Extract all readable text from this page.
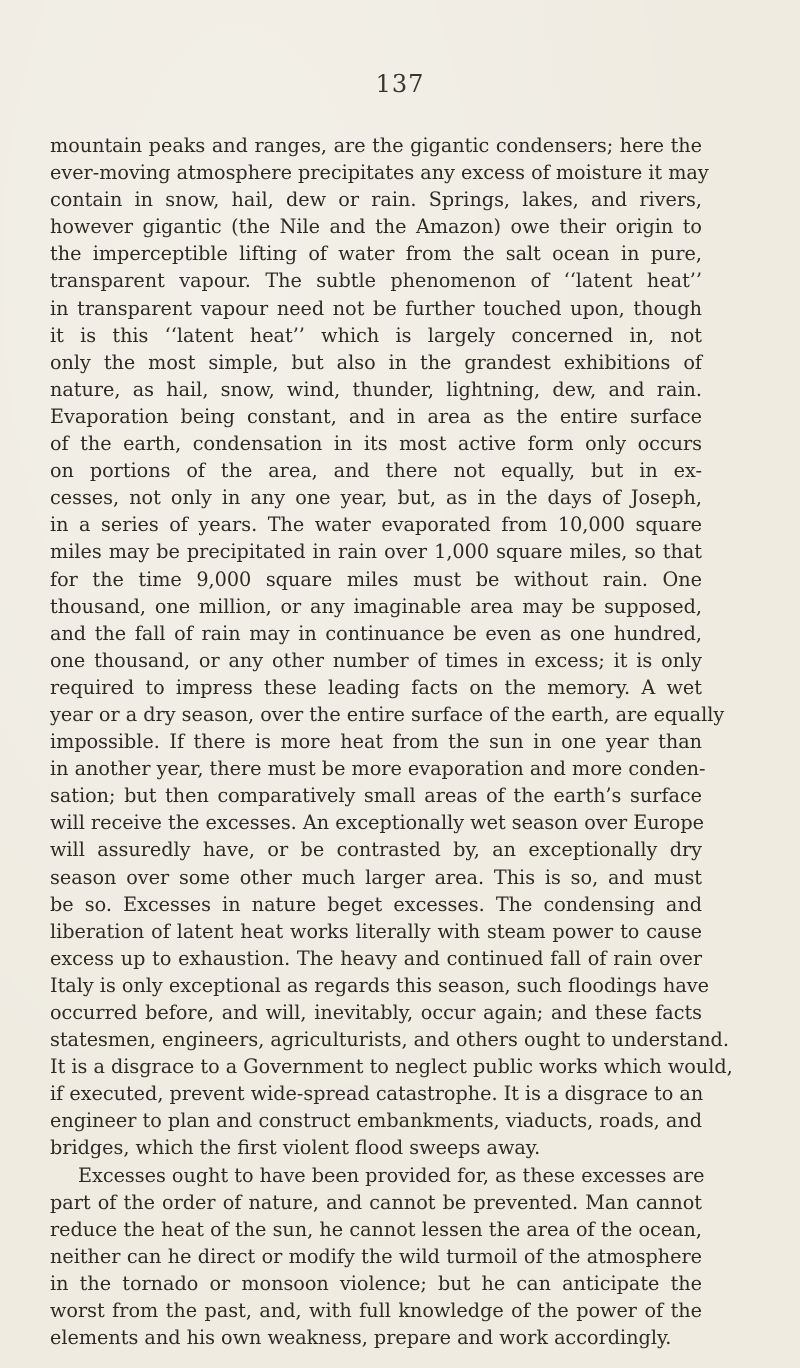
137
mountain peaks and ranges, are the gigantic condensers; here the
ever-moving atmosphere precipitates any excess of moisture it may
contain in snow, hail, dew or rain. Springs, lakes, and rivers,
however gigantic (the Nile and the Amazon) owe their origin to
the imperceptible lifting of water from the salt ocean in pure,
transparent vapour. The subtle phenomenon of ‘‘latent heat’’
in transparent vapour need not be further touched upon, though
it is this ‘‘latent heat’’ which is largely concerned in, not
only the most simple, but also in the grandest exhibitions of
nature, as hail, snow, wind, thunder, lightning, dew, and rain.
Evaporation being constant, and in area as the entire surface
of the earth, condensation in its most active form only occurs
on portions of the area, and there not equally, but in ex-
cesses, not only in any one year, but, as in the days of Joseph,
in a series of years. The water evaporated from 10,000 square
miles may be precipitated in rain over 1,000 square miles, so that
for the time 9,000 square miles must be without rain. One
thousand, one million, or any imaginable area may be supposed,
and the fall of rain may in continuance be even as one hundred,
one thousand, or any other number of times in excess; it is only
required to impress these leading facts on the memory. A wet
year or a dry season, over the entire surface of the earth, are equally
impossible. If there is more heat from the sun in one year than
in another year, there must be more evaporation and more conden-
sation; but then comparatively small areas of the earth’s surface
will receive the excesses. An exceptionally wet season over Europe
will assuredly have, or be contrasted by, an exceptionally dry
season over some other much larger area. This is so, and must
be so. Excesses in nature beget excesses. The condensing and
liberation of latent heat works literally with steam power to cause
excess up to exhaustion. The heavy and continued fall of rain over
Italy is only exceptional as regards this season, such floodings have
occurred before, and will, inevitably, occur again; and these facts
statesmen, engineers, agriculturists, and others ought to understand.
It is a disgrace to a Government to neglect public works which would,
if executed, prevent wide-spread catastrophe. It is a disgrace to an
engineer to plan and construct embankments, viaducts, roads, and
bridges, which the first violent flood sweeps away.
Excesses ought to have been provided for, as these excesses are
part of the order of nature, and cannot be prevented. Man cannot
reduce the heat of the sun, he cannot lessen the area of the ocean,
neither can he direct or modify the wild turmoil of the atmosphere
in the tornado or monsoon violence; but he can anticipate the
worst from the past, and, with full knowledge of the power of the
elements and his own weakness, prepare and work accordingly.
